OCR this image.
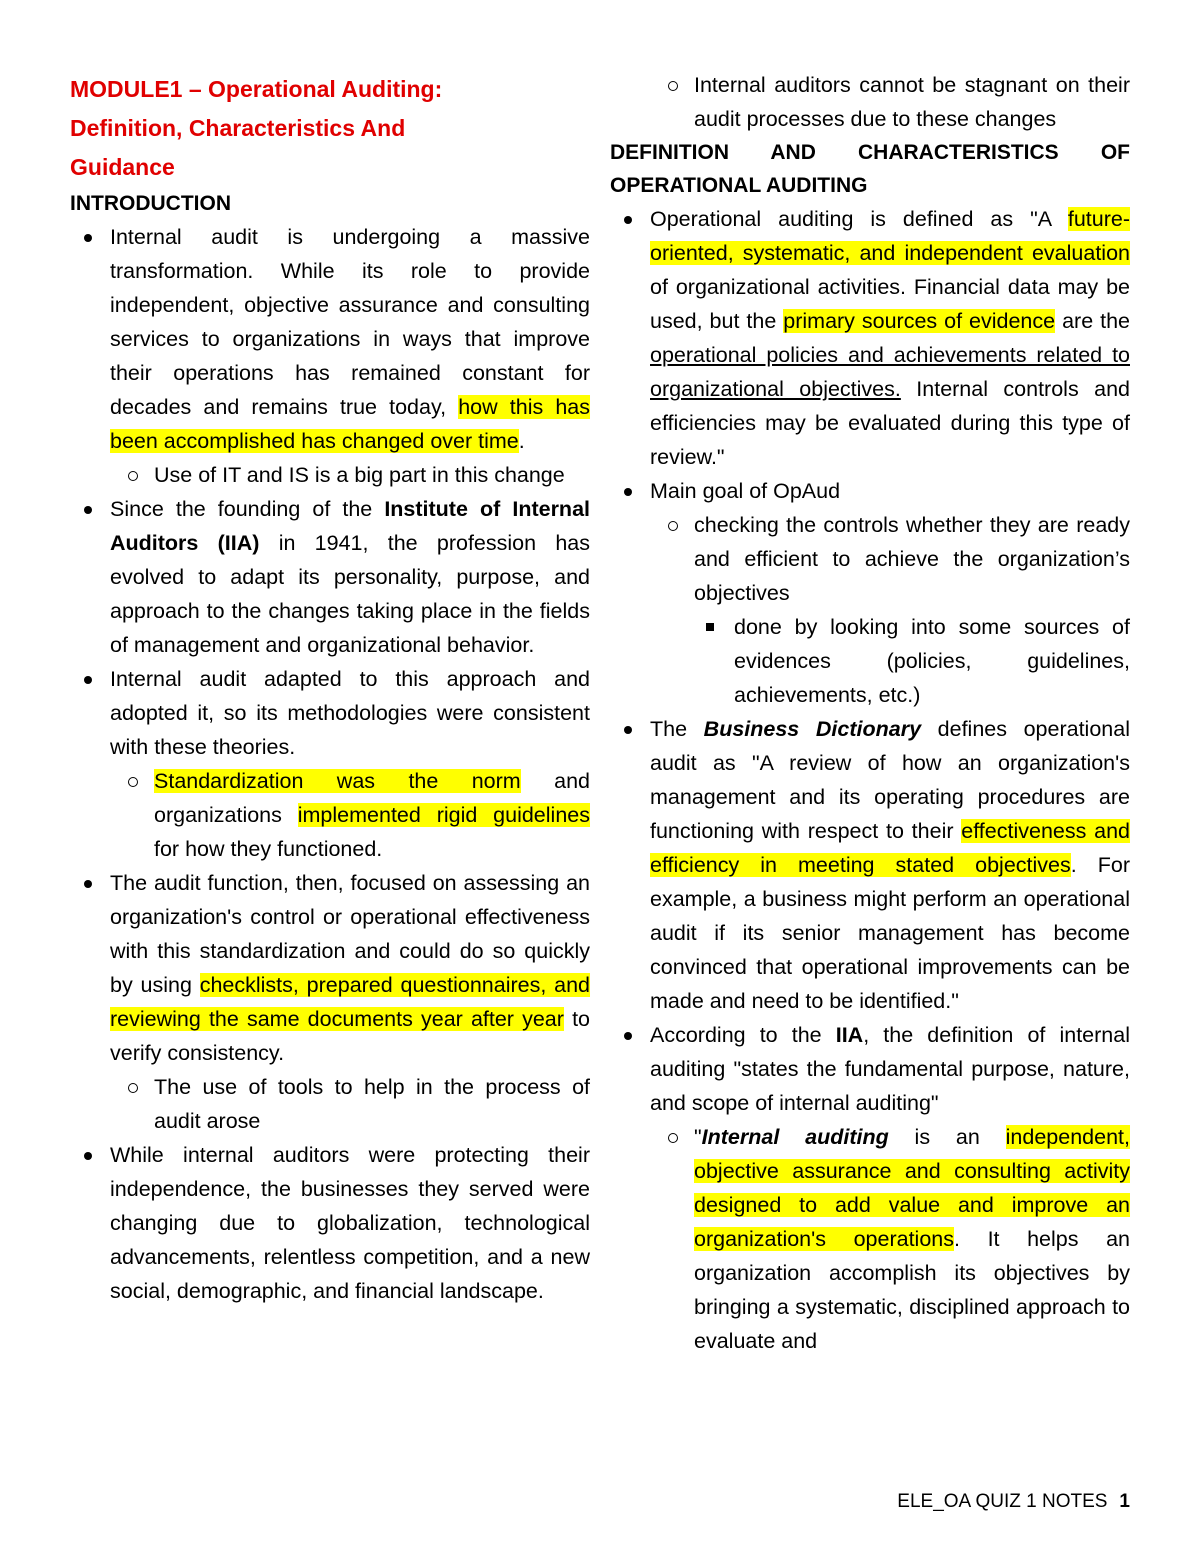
MODULE1 – Operational Auditing:
Definition, Characteristics And
Guidance
INTRODUCTION
Internal audit is undergoing a massive transformation. While its role to provide independent, objective assurance and consulting services to organizations in ways that improve their operations has remained constant for decades and remains true today, how this has been accomplished has changed over time.
Use of IT and IS is a big part in this change
Since the founding of the Institute of Internal Auditors (IIA) in 1941, the profession has evolved to adapt its personality, purpose, and approach to the changes taking place in the fields of management and organizational behavior.
Internal audit adapted to this approach and adopted it, so its methodologies were consistent with these theories.
Standardization was the norm and organizations implemented rigid guidelines for how they functioned.
The audit function, then, focused on assessing an organization's control or operational effectiveness with this standardization and could do so quickly by using checklists, prepared questionnaires, and reviewing the same documents year after year to verify consistency.
The use of tools to help in the process of audit arose
While internal auditors were protecting their independence, the businesses they served were changing due to globalization, technological advancements, relentless competition, and a new social, demographic, and financial landscape.
Internal auditors cannot be stagnant on their audit processes due to these changes
DEFINITION AND CHARACTERISTICS OF
OPERATIONAL AUDITING
Operational auditing is defined as "A future-oriented, systematic, and independent evaluation of organizational activities. Financial data may be used, but the primary sources of evidence are the operational policies and achievements related to organizational objectives. Internal controls and efficiencies may be evaluated during this type of review."
Main goal of OpAud
checking the controls whether they are ready and efficient to achieve the organization’s objectives
done by looking into some sources of evidences (policies, guidelines, achievements, etc.)
The Business Dictionary defines operational audit as "A review of how an organization's management and its operating procedures are functioning with respect to their effectiveness and efficiency in meeting stated objectives. For example, a business might perform an operational audit if its senior management has become convinced that operational improvements can be made and need to be identified."
According to the IIA, the definition of internal auditing "states the fundamental purpose, nature, and scope of internal auditing"
"Internal auditing is an independent, objective assurance and consulting activity designed to add value and improve an organization's operations. It helps an organization accomplish its objectives by bringing a systematic, disciplined approach to evaluate and
ELE_OA QUIZ 1 NOTES 1
